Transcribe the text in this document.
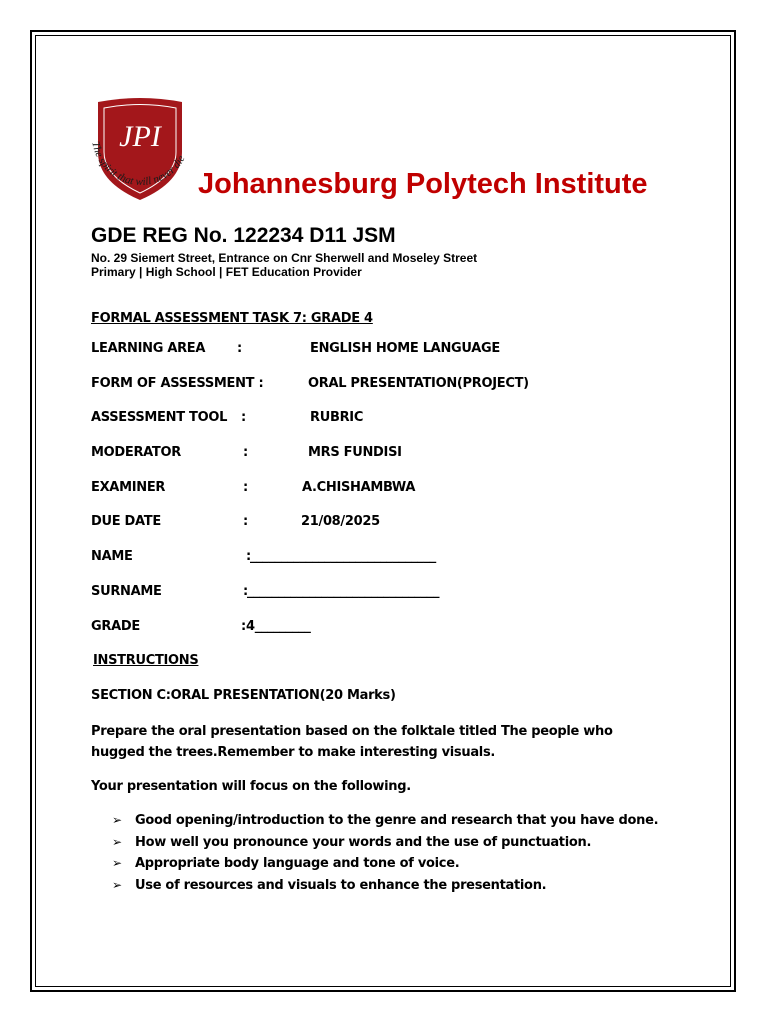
JPI
The spirit that will never die
Johannesburg Polytech Institute
GDE REG No. 122234 D11 JSM
No. 29 Siemert Street, Entrance on Cnr Sherwell and Moseley Street
Primary | High School | FET Education Provider
FORMAL ASSESSMENT TASK 7: GRADE 4
LEARNING AREA :	ENGLISH HOME LANGUAGE
FORM OF ASSESSMENT :	ORAL PRESENTATION(PROJECT)
ASSESSMENT TOOL :	RUBRIC
MODERATOR	:	MRS FUNDISI
EXAMINER	:	A.CHISHAMBWA
DUE DATE	:	21/08/2025
NAME	: ______________________________
SURNAME	: _______________________________
GRADE	: 4_________
INSTRUCTIONS
SECTION C:ORAL PRESENTATION(20 Marks)
Prepare the oral presentation based on the folktale titled The people who hugged the trees.Remember to make interesting visuals.
Your presentation will focus on the following.
➢ Good opening/introduction to the genre and research that you have done.
➢ How well you pronounce your words and the use of punctuation.
➢ Appropriate body language and tone of voice.
➢ Use of resources and visuals to enhance the presentation.
